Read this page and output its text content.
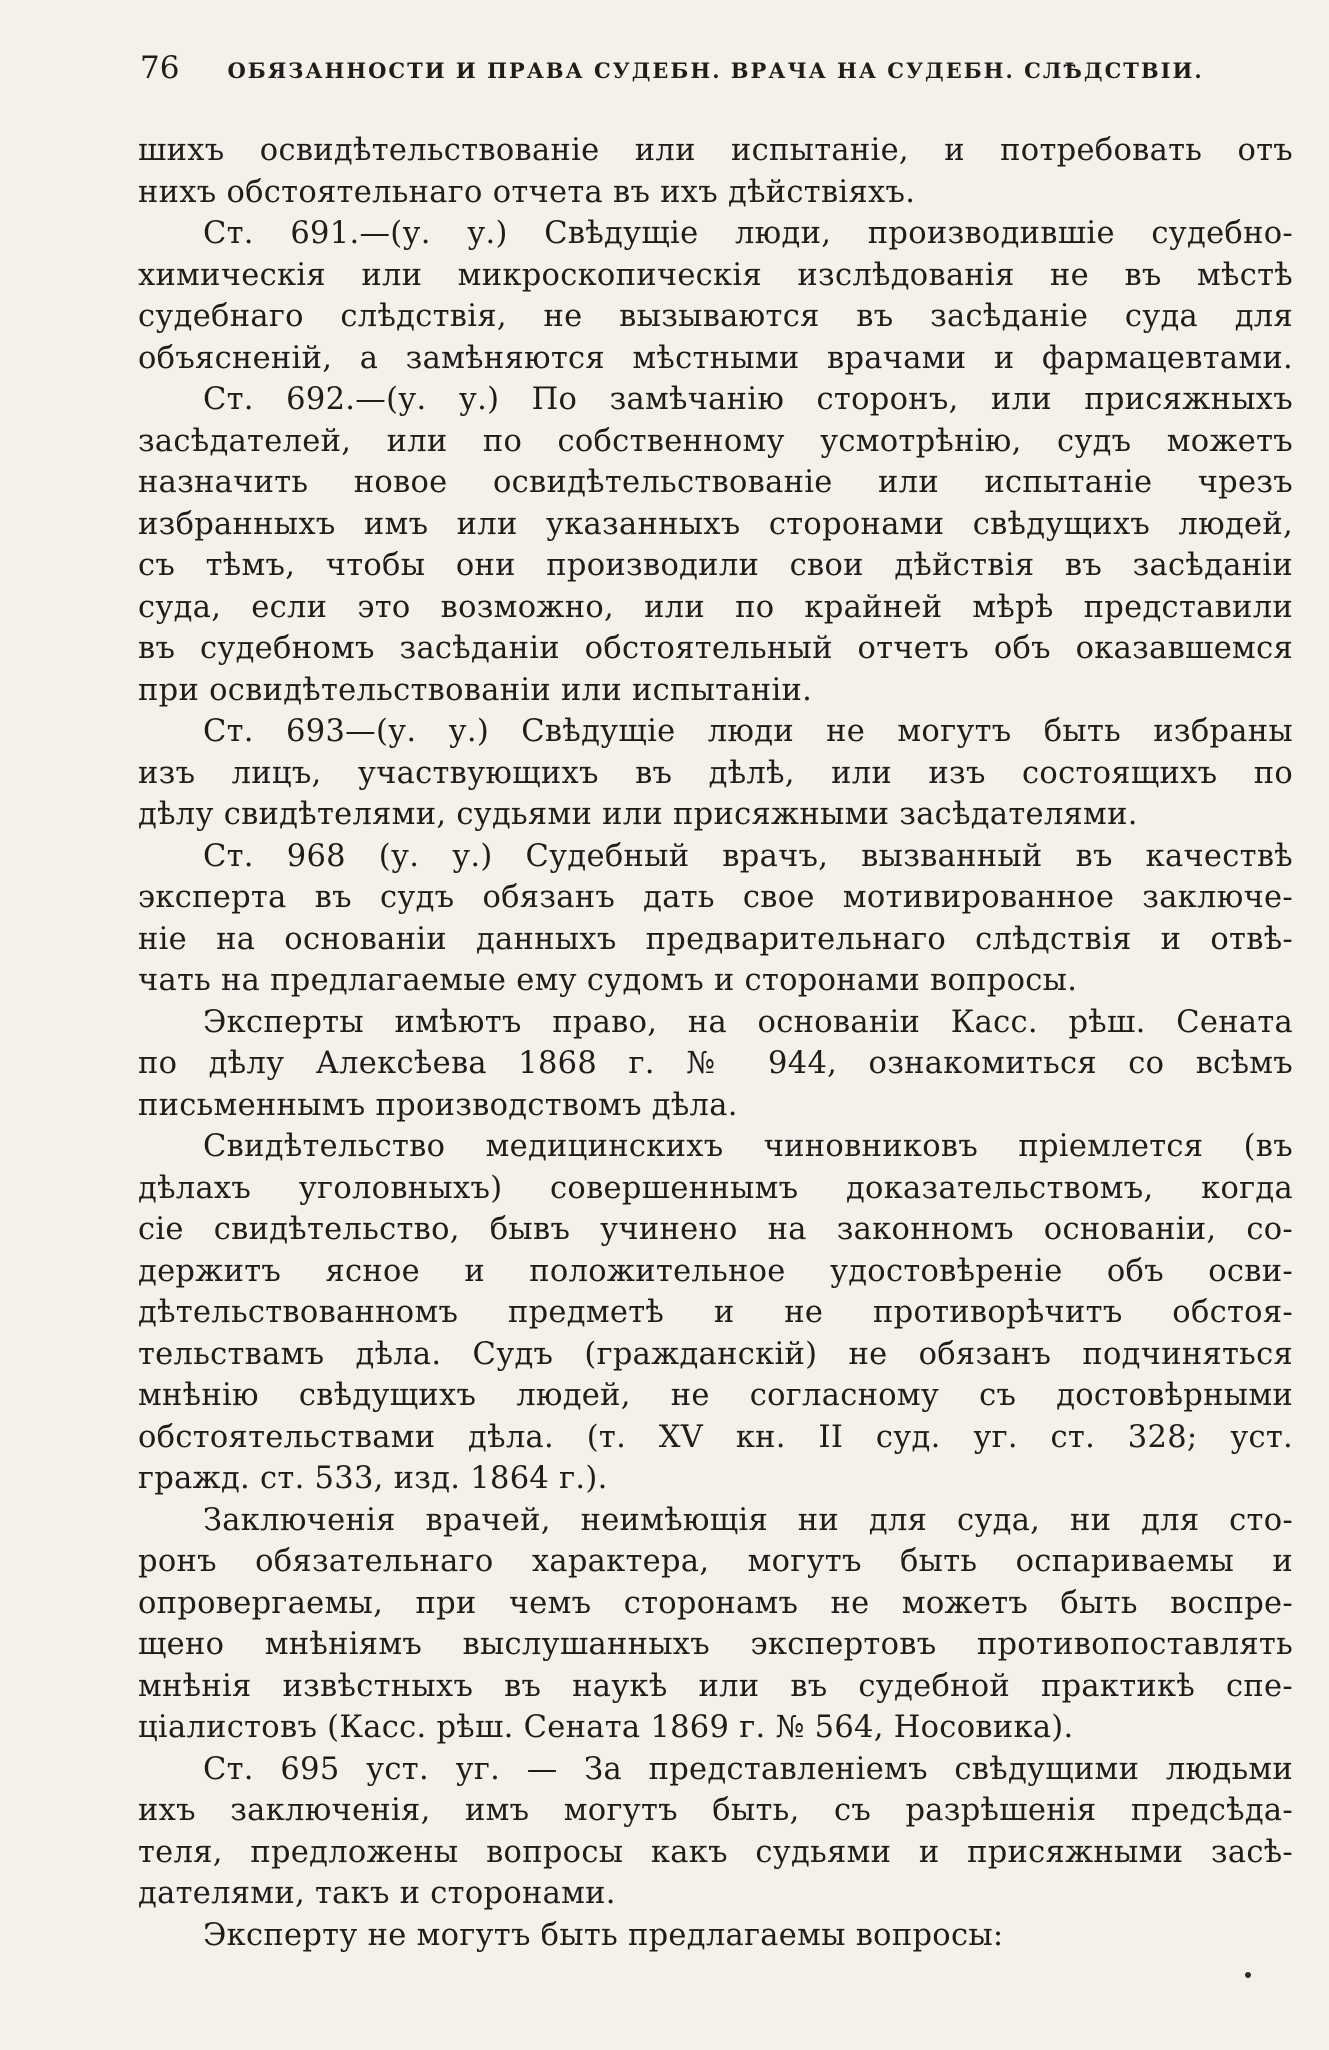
76 ОБЯЗАННОСТИ И ПРАВА СУДЕБН. ВРАЧА НА СУДЕБН. СЛѢДСТВІИ.
шихъ освидѣтельствованіе или испытаніе, и потребовать отъ
нихъ обстоятельнаго отчета въ ихъ дѣйствіяхъ.
Ст. 691.—(у. у.) Свѣдущіе люди, производившіе судебно-
химическія или микроскопическія изслѣдованія не въ мѣстѣ
судебнаго слѣдствія, не вызываются въ засѣданіе суда для
объясненій, а замѣняются мѣстными врачами и фармацевтами.
Ст. 692.—(у. у.) По замѣчанію сторонъ, или присяжныхъ
засѣдателей, или по собственному усмотрѣнію, судъ можетъ
назначить новое освидѣтельствованіе или испытаніе чрезъ
избранныхъ имъ или указанныхъ сторонами свѣдущихъ людей,
съ тѣмъ, чтобы они производили свои дѣйствія въ засѣданіи
суда, если это возможно, или по крайней мѣрѣ представили
въ судебномъ засѣданіи обстоятельный отчетъ объ оказавшемся
при освидѣтельствованіи или испытаніи.
Ст. 693—(у. у.) Свѣдущіе люди не могутъ быть избраны
изъ лицъ, участвующихъ въ дѣлѣ, или изъ состоящихъ по
дѣлу свидѣтелями, судьями или присяжными засѣдателями.
Ст. 968 (у. у.) Судебный врачъ, вызванный въ качествѣ
эксперта въ судъ обязанъ дать свое мотивированное заключе-
ніе на основаніи данныхъ предварительнаго слѣдствія и отвѣ-
чать на предлагаемые ему судомъ и сторонами вопросы.
Эксперты имѣютъ право, на основаніи Касс. рѣш. Сената
по дѣлу Алексѣева 1868 г. № 944, ознакомиться со всѣмъ
письменнымъ производствомъ дѣла.
Свидѣтельство медицинскихъ чиновниковъ пріемлется (въ
дѣлахъ уголовныхъ) совершеннымъ доказательствомъ, когда
сіе свидѣтельство, бывъ учинено на законномъ основаніи, со-
держитъ ясное и положительное удостовѣреніе объ осви-
дѣтельствованномъ предметѣ и не противорѣчитъ обстоя-
тельствамъ дѣла. Судъ (гражданскій) не обязанъ подчиняться
мнѣнію свѣдущихъ людей, не согласному съ достовѣрными
обстоятельствами дѣла. (т. XV кн. II суд. уг. ст. 328; уст.
гражд. ст. 533, изд. 1864 г.).
Заключенія врачей, неимѣющія ни для суда, ни для сто-
ронъ обязательнаго характера, могутъ быть оспариваемы и
опровергаемы, при чемъ сторонамъ не можетъ быть воспре-
щено мнѣніямъ выслушанныхъ экспертовъ противопоставлять
мнѣнія извѣстныхъ въ наукѣ или въ судебной практикѣ спе-
ціалистовъ (Касс. рѣш. Сената 1869 г. № 564, Носовика).
Ст. 695 уст. уг. — За представленіемъ свѣдущими людьми
ихъ заключенія, имъ могутъ быть, съ разрѣшенія предсѣда-
теля, предложены вопросы какъ судьями и присяжными засѣ-
дателями, такъ и сторонами.
Эксперту не могутъ быть предлагаемы вопросы:
